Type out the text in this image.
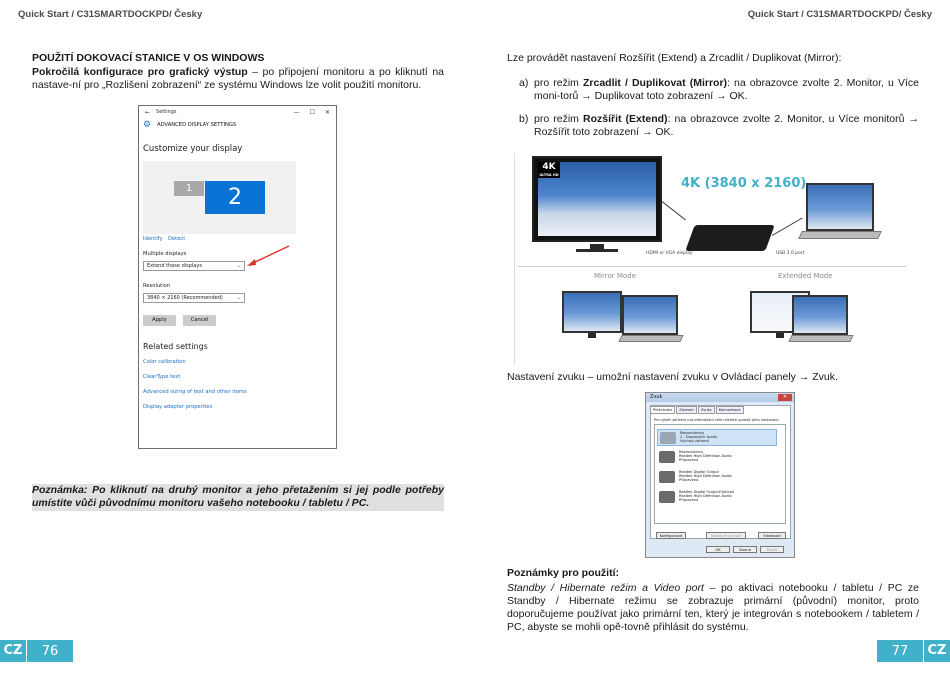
Quick Start / C31SMARTDOCKPD/ Česky	Quick Start / C31SMARTDOCKPD/ Česky
POUŽITÍ DOKOVACÍ STANICE V OS WINDOWS
Pokročilá konfigurace pro grafický výstup – po připojení monitoru a po kliknutí na nastave-ní pro „Rozlišení zobrazení“ ze systému Windows lze volit použití monitoru.
← Settings	— ☐ ✕
⚙ ADVANCED DISPLAY SETTINGS
Customize your display
1	2
Identify Detect
Multiple displays
Extend these displays	⌄
Resolution
3840 × 2160 (Recommended)	⌄
Apply	Cancel
Related settings
Color calibration
ClearType text
Advanced sizing of text and other items
Display adapter properties
Poznámka: Po kliknutí na druhý monitor a jeho přetažením si jej podle potřeby umístite vůči původnímu monitoru vašeho notebooku / tabletu / PC.
Lze provádět nastavení Rozšířit (Extend) a Zrcadlit / Duplikovat (Mirror):
a) pro režim Zrcadlit / Duplikovat (Mirror): na obrazovce zvolte 2. Monitor, u Více moni-torů → Duplikovat toto zobrazení → OK.
b) pro režim Rozšířit (Extend): na obrazovce zvolte 2. Monitor, u Více monitorů → Rozšířit toto zobrazení → OK.
4K
ULTRA HD
4K (3840 x 2160)
HDMI or VGA display	USB 3.0 port
Mirror Mode	Extended Mode
Nastavení zvuku – umožní nastavení zvuku v Ovládací panely → Zvuk.
Zvuk	✕
Přehrávání	Záznam	Zvuky	Komunikace
Pro výběr zařízení pro přehrávání níže můžete upravit jeho nastavení:
Reproduktory
2 - Displaylink Audio
Výchozí zařízení
Reproduktory
Realtek High Definition Audio
Připraveno
Realtek Digital Output
Realtek High Definition Audio
Připraveno
Realtek Digital Output(Optical)
Realtek High Definition Audio
Připraveno
Konfigurovat	Nastavit výchozí	Vlastnosti
OK	Storno	Použít
Poznámky pro použití:
Standby / Hibernate režim a Video port – po aktivaci notebooku / tabletu / PC ze Standby / Hibernate režimu se zobrazuje primární (původní) monitor, proto doporučujeme používat jako primární ten, který je integrován s notebookem / tabletem / PC, abyste se mohli opě-tovně přihlásit do systému.
CZ	76	77	CZ
